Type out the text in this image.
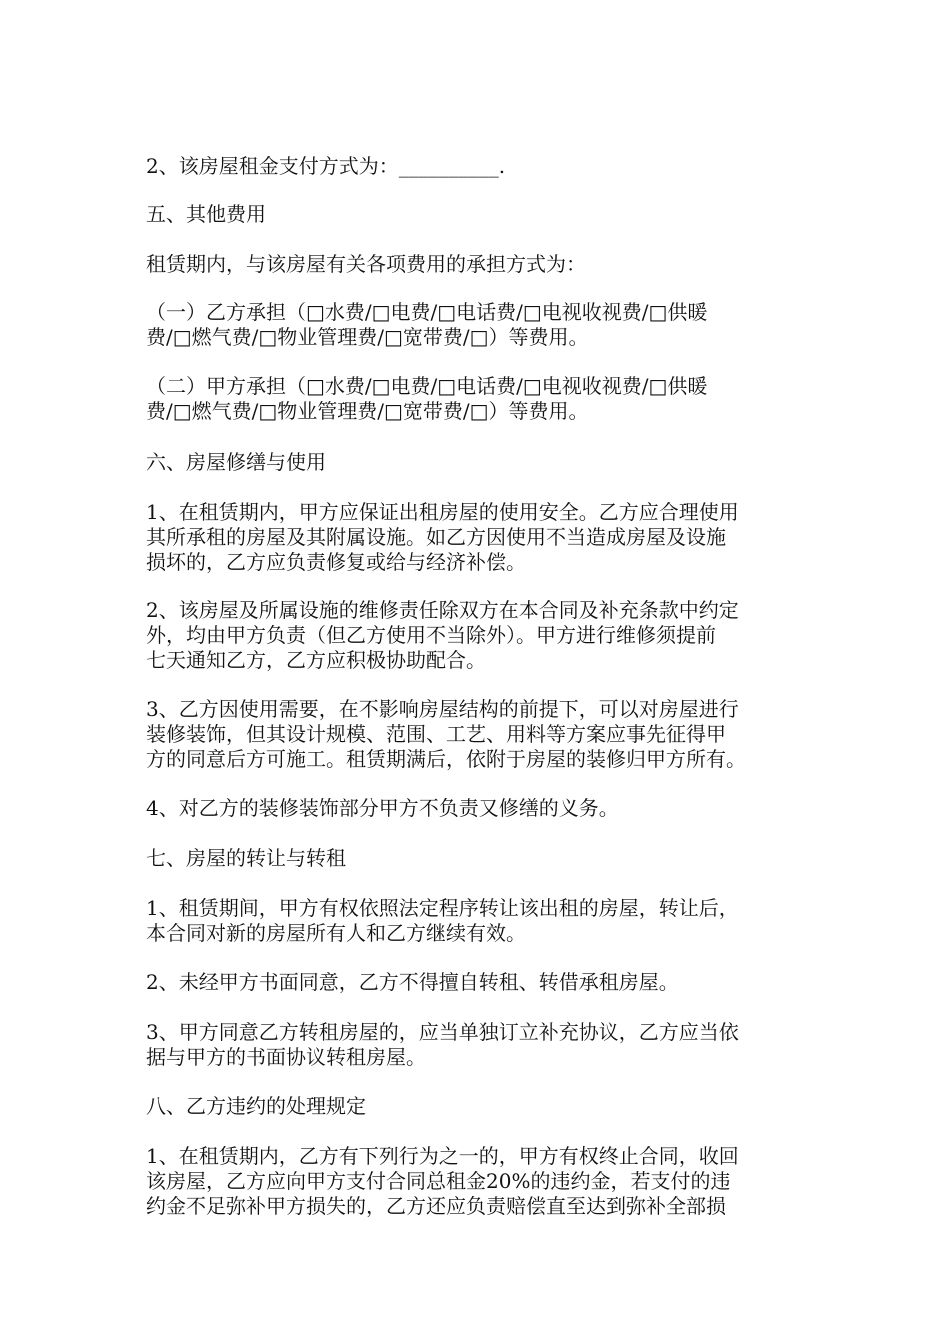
2、该房屋租金支付方式为：__________.

五、其他费用

租赁期内，与该房屋有关各项费用的承担方式为：

（一）乙方承担（□水费/□电费/□电话费/□电视收视费/□供暖
费/□燃气费/□物业管理费/□宽带费/□）等费用。

（二）甲方承担（□水费/□电费/□电话费/□电视收视费/□供暖
费/□燃气费/□物业管理费/□宽带费/□）等费用。

六、房屋修缮与使用

1、在租赁期内，甲方应保证出租房屋的使用安全。乙方应合理使用
其所承租的房屋及其附属设施。如乙方因使用不当造成房屋及设施
损坏的，乙方应负责修复或给与经济补偿。

2、该房屋及所属设施的维修责任除双方在本合同及补充条款中约定
外，均由甲方负责（但乙方使用不当除外）。甲方进行维修须提前
七天通知乙方，乙方应积极协助配合。

3、乙方因使用需要，在不影响房屋结构的前提下，可以对房屋进行
装修装饰，但其设计规模、范围、工艺、用料等方案应事先征得甲
方的同意后方可施工。租赁期满后，依附于房屋的装修归甲方所有。

4、对乙方的装修装饰部分甲方不负责又修缮的义务。

七、房屋的转让与转租

1、租赁期间，甲方有权依照法定程序转让该出租的房屋，转让后，
本合同对新的房屋所有人和乙方继续有效。

2、未经甲方书面同意，乙方不得擅自转租、转借承租房屋。

3、甲方同意乙方转租房屋的，应当单独订立补充协议，乙方应当依
据与甲方的书面协议转租房屋。

八、乙方违约的处理规定

1、在租赁期内，乙方有下列行为之一的，甲方有权终止合同，收回
该房屋，乙方应向甲方支付合同总租金20%的违约金，若支付的违
约金不足弥补甲方损失的，乙方还应负责赔偿直至达到弥补全部损
